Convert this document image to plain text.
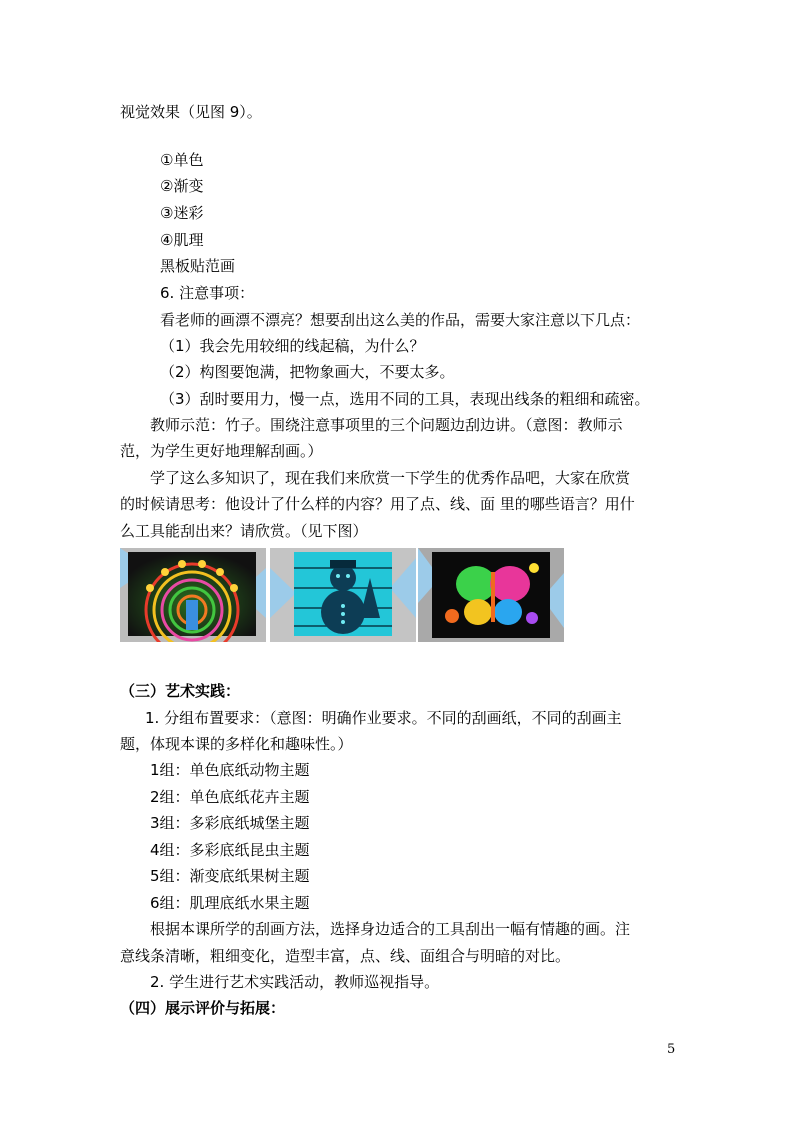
视觉效果（见图 9）。
①单色
②渐变
③迷彩
④肌理
黑板贴范画
6. 注意事项：
看老师的画漂不漂亮？想要刮出这么美的作品，需要大家注意以下几点：
（1）我会先用较细的线起稿，为什么？
（2）构图要饱满，把物象画大，不要太多。
（3）刮时要用力，慢一点，选用不同的工具，表现出线条的粗细和疏密。
教师示范：竹子。围绕注意事项里的三个问题边刮边讲。（意图：教师示
范，为学生更好地理解刮画。）
学了这么多知识了，现在我们来欣赏一下学生的优秀作品吧，大家在欣赏
的时候请思考：他设计了什么样的内容？用了点、线、面 里的哪些语言？用什
么工具能刮出来？请欣赏。（见下图）
（三）艺术实践：
1. 分组布置要求：（意图：明确作业要求。不同的刮画纸，不同的刮画主
题，体现本课的多样化和趣味性。）
1组：单色底纸动物主题
2组：单色底纸花卉主题
3组：多彩底纸城堡主题
4组：多彩底纸昆虫主题
5组：渐变底纸果树主题
6组：肌理底纸水果主题
根据本课所学的刮画方法，选择身边适合的工具刮出一幅有情趣的画。注
意线条清晰，粗细变化，造型丰富，点、线、面组合与明暗的对比。
2. 学生进行艺术实践活动，教师巡视指导。
（四）展示评价与拓展：
5
